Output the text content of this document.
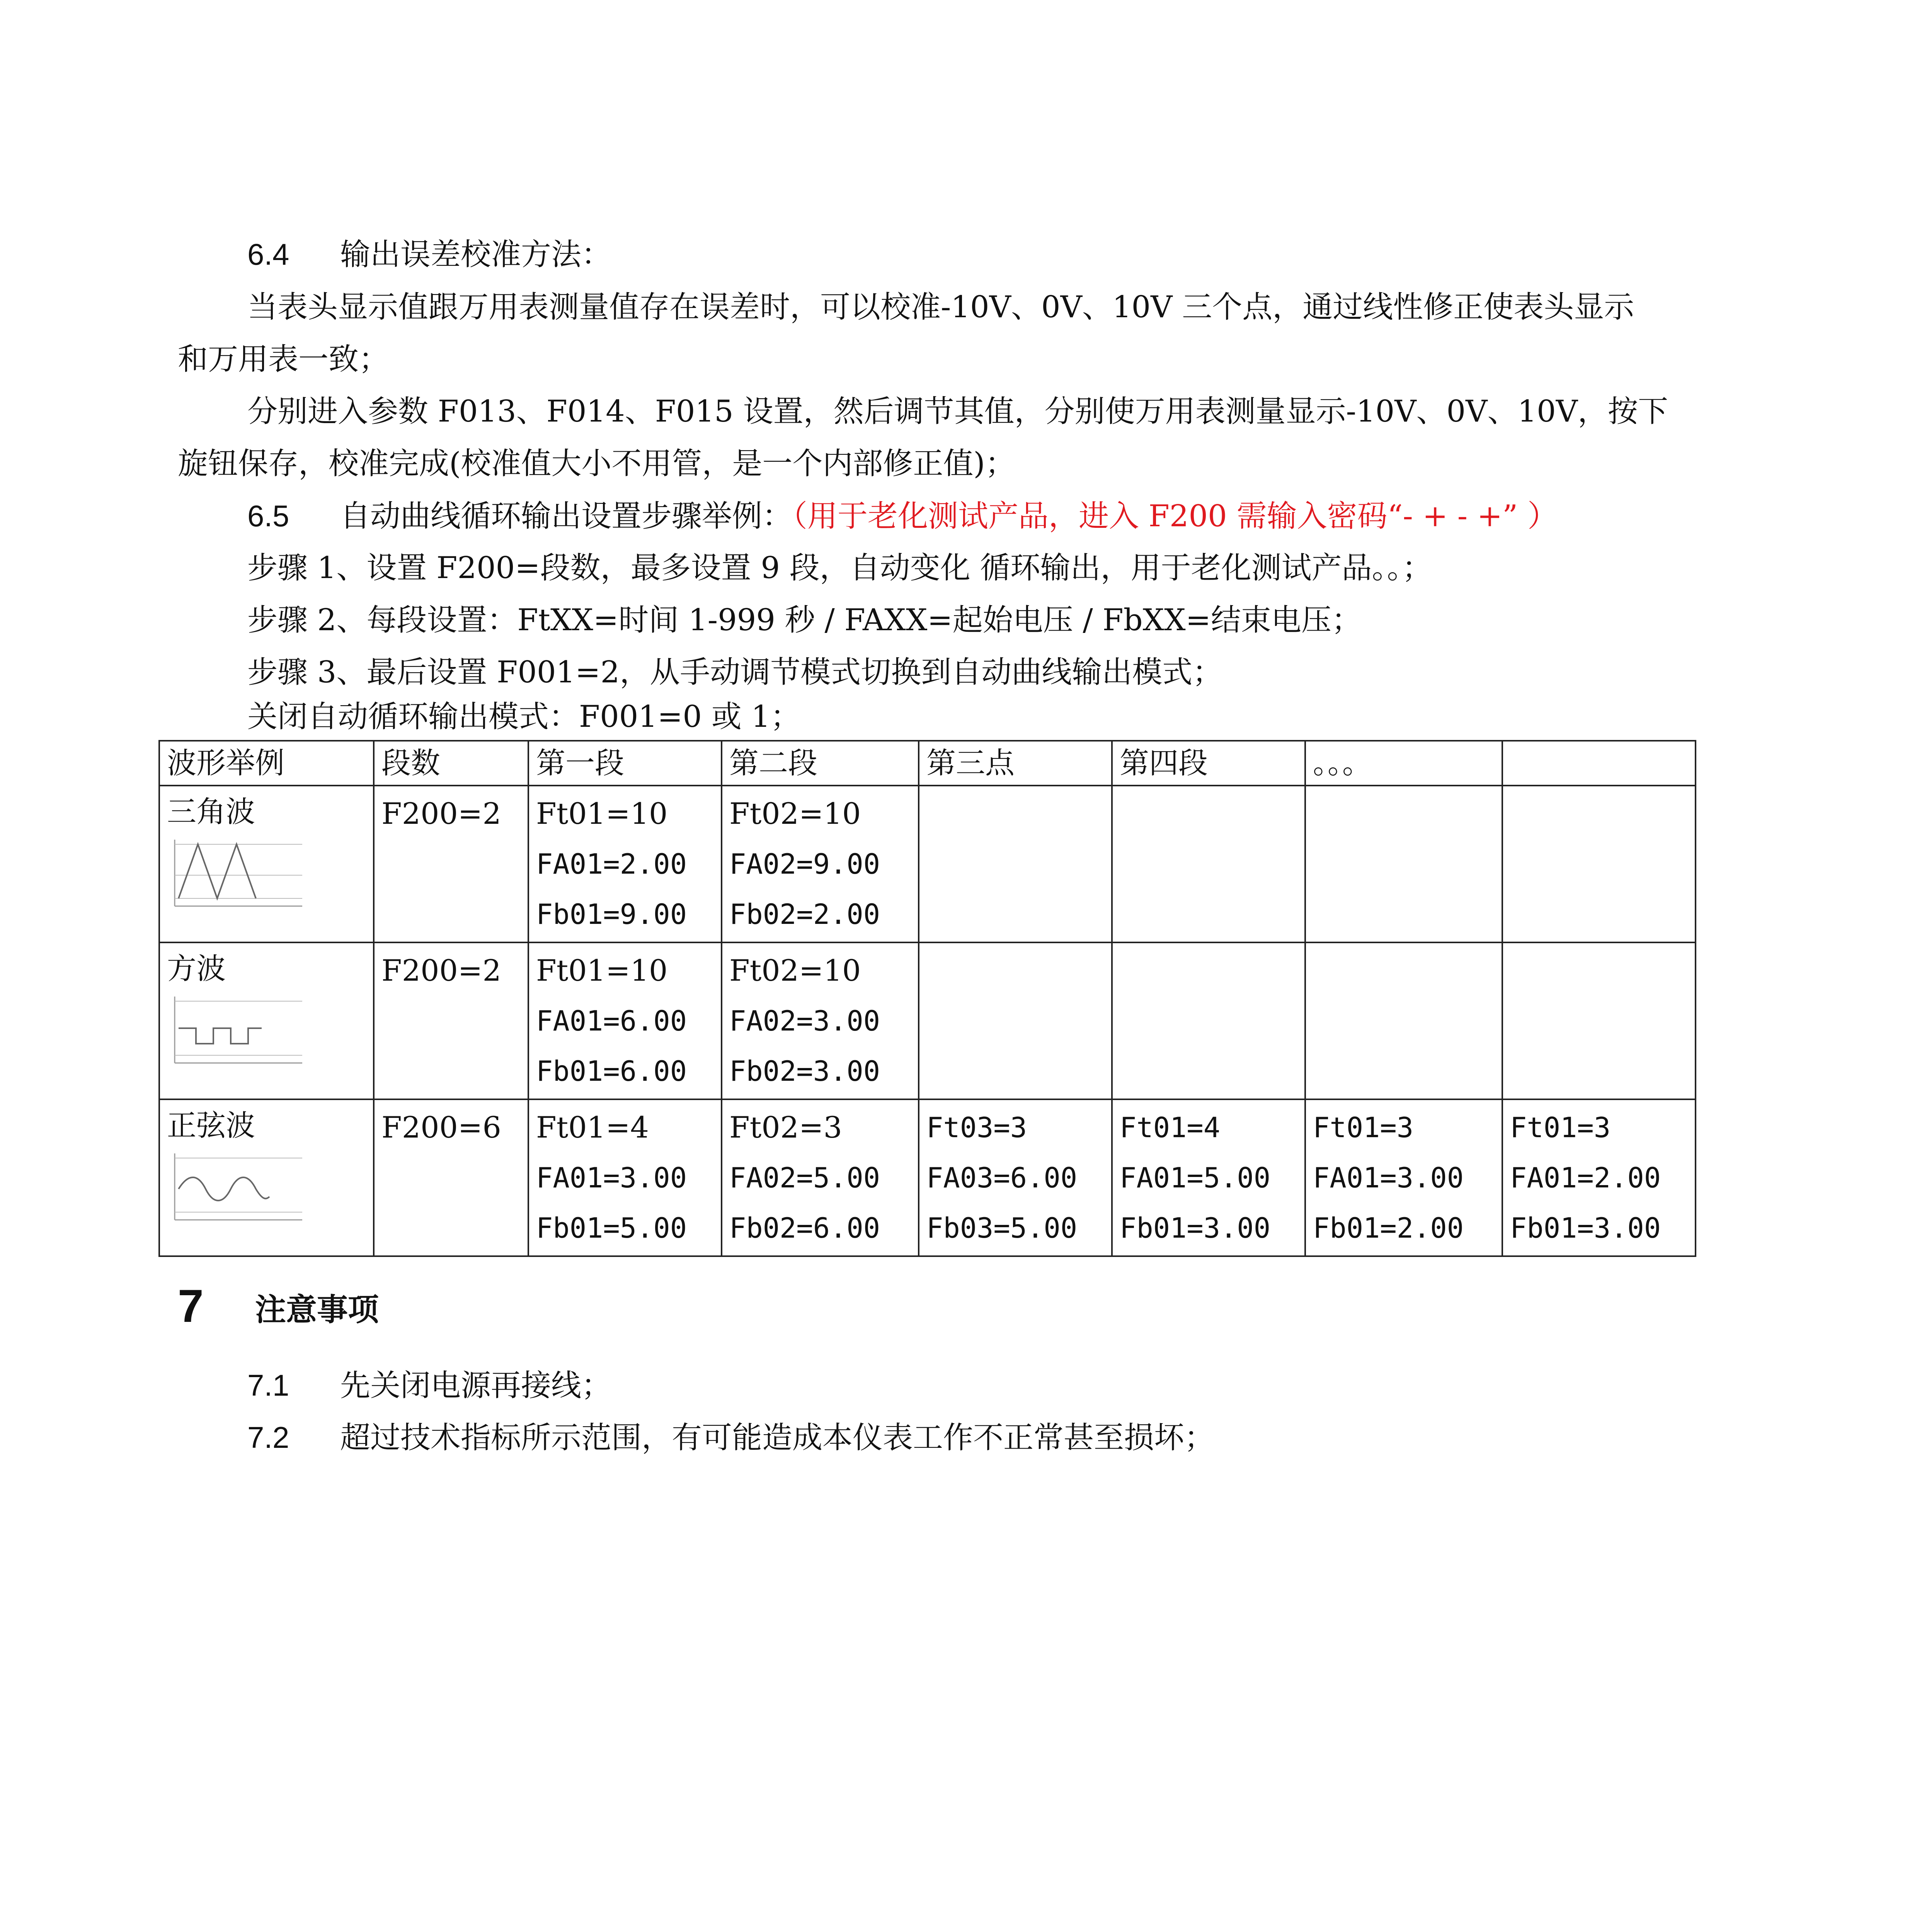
6.4 输出误差校准方法：
当表头显示值跟万用表测量值存在误差时，可以校准-10V、0V、10V 三个点，通过线性修正使表头显示
和万用表一致；
分别进入参数 F013、F014、F015 设置，然后调节其值，分别使万用表测量显示-10V、0V、10V，按下
旋钮保存，校准完成(校准值大小不用管，是一个内部修正值)；
6.5 自动曲线循环输出设置步骤举例：（用于老化测试产品，进入 F200 需输入密码“- + - +” ）
步骤 1、设置 F200=段数，最多设置 9 段，自动变化 循环输出，用于老化测试产品。。；
步骤 2、每段设置：FtXX=时间 1-999 秒 / FAXX=起始电压 / FbXX=结束电压；
步骤 3、最后设置 F001=2，从手动调节模式切换到自动曲线输出模式；
关闭自动循环输出模式：F001=0 或 1；
波形举例	段数	第一段	第二段	第三点	第四段	。。。	

三角波	F200=2	Ft01=10
FA01=2.00
Fb01=9.00	Ft02=10
FA02=9.00
Fb02=2.00				

方波	F200=2	Ft01=10
FA01=6.00
Fb01=6.00	Ft02=10
FA02=3.00
Fb02=3.00				

正弦波	F200=6	Ft01=4
FA01=3.00
Fb01=5.00	Ft02=3
FA02=5.00
Fb02=6.00	Ft03=3
FA03=6.00
Fb03=5.00	Ft01=4
FA01=5.00
Fb01=3.00	Ft01=3
FA01=3.00
Fb01=2.00	Ft01=3
FA01=2.00
Fb01=3.00
7 注意事项
7.1 先关闭电源再接线；
7.2 超过技术指标所示范围，有可能造成本仪表工作不正常甚至损坏；
